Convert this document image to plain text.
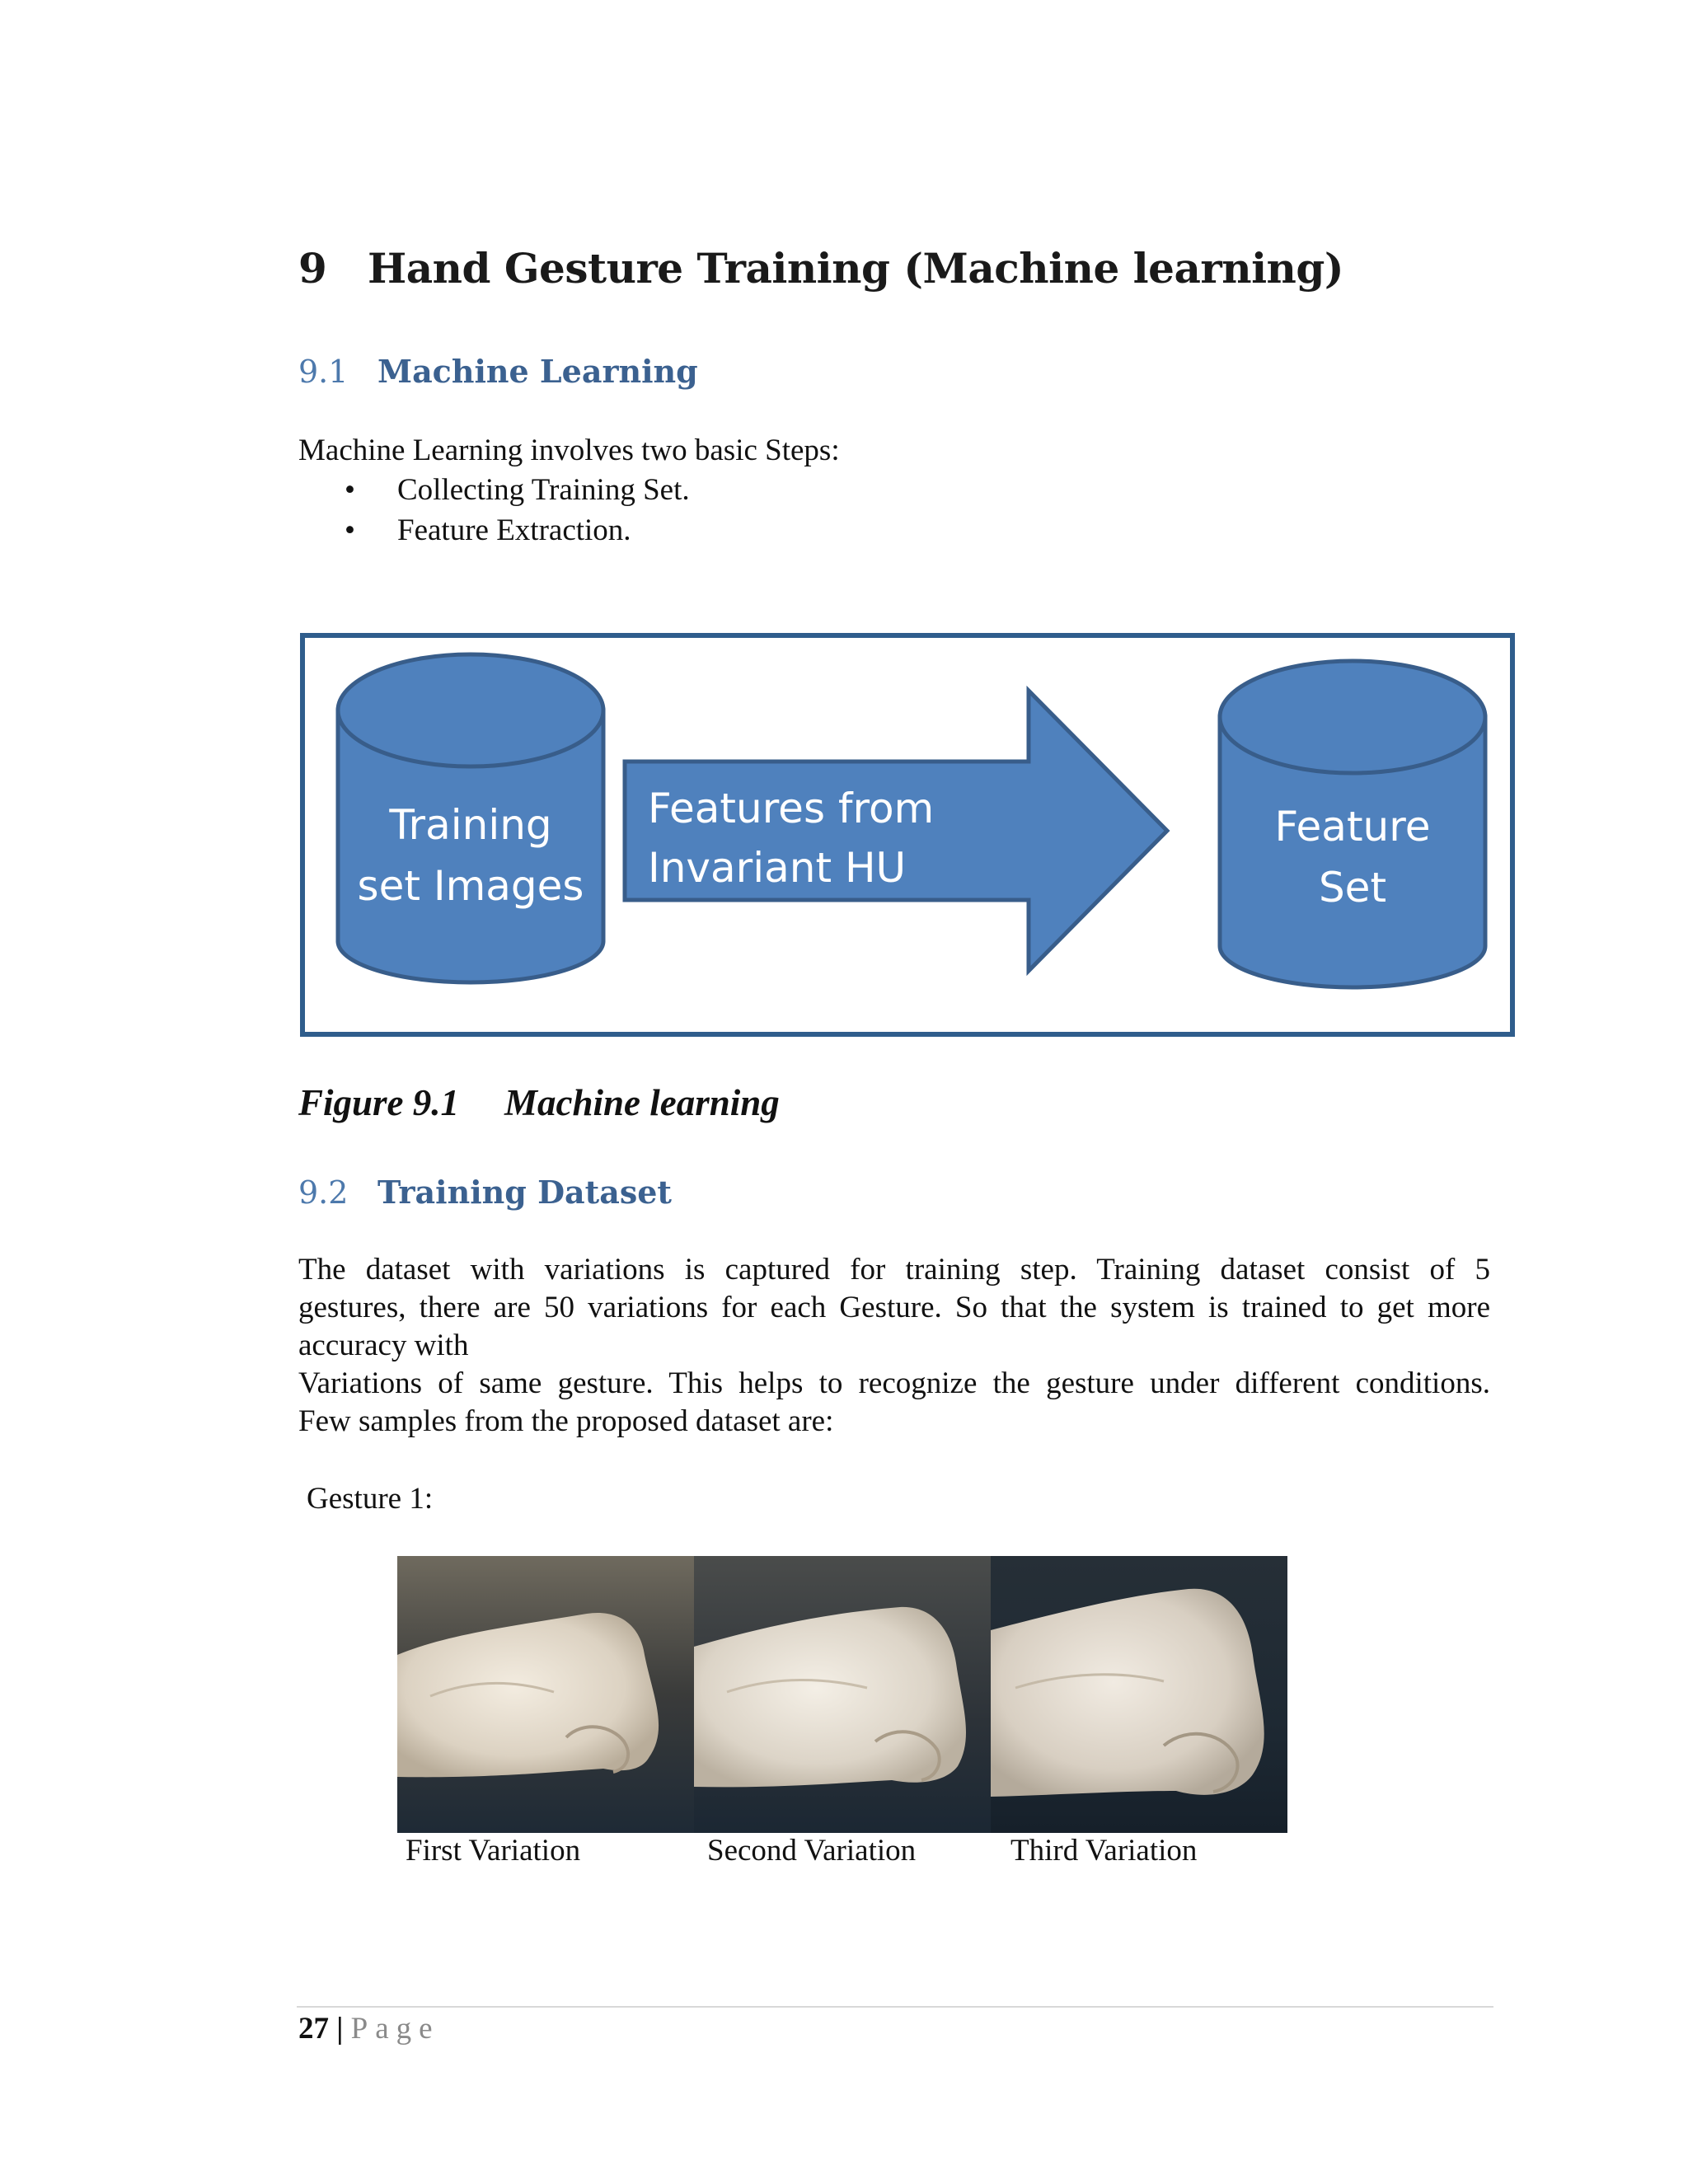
9 Hand Gesture Training (Machine learning)
9.1 Machine Learning
Machine Learning involves two basic Steps:
• Collecting Training Set.
• Feature Extraction.
Training
set Images
Features from
Invariant HU
Feature
Set
Figure 9.1 Machine learning
9.2 Training Dataset
The dataset with variations is captured for training step. Training dataset consist of 5
gestures, there are 50 variations for each Gesture. So that the system is trained to get more
accuracy with
Variations of same gesture. This helps to recognize the gesture under different conditions.
Few samples from the proposed dataset are:
Gesture 1:
First Variation	Second Variation	Third Variation
27 | Page
